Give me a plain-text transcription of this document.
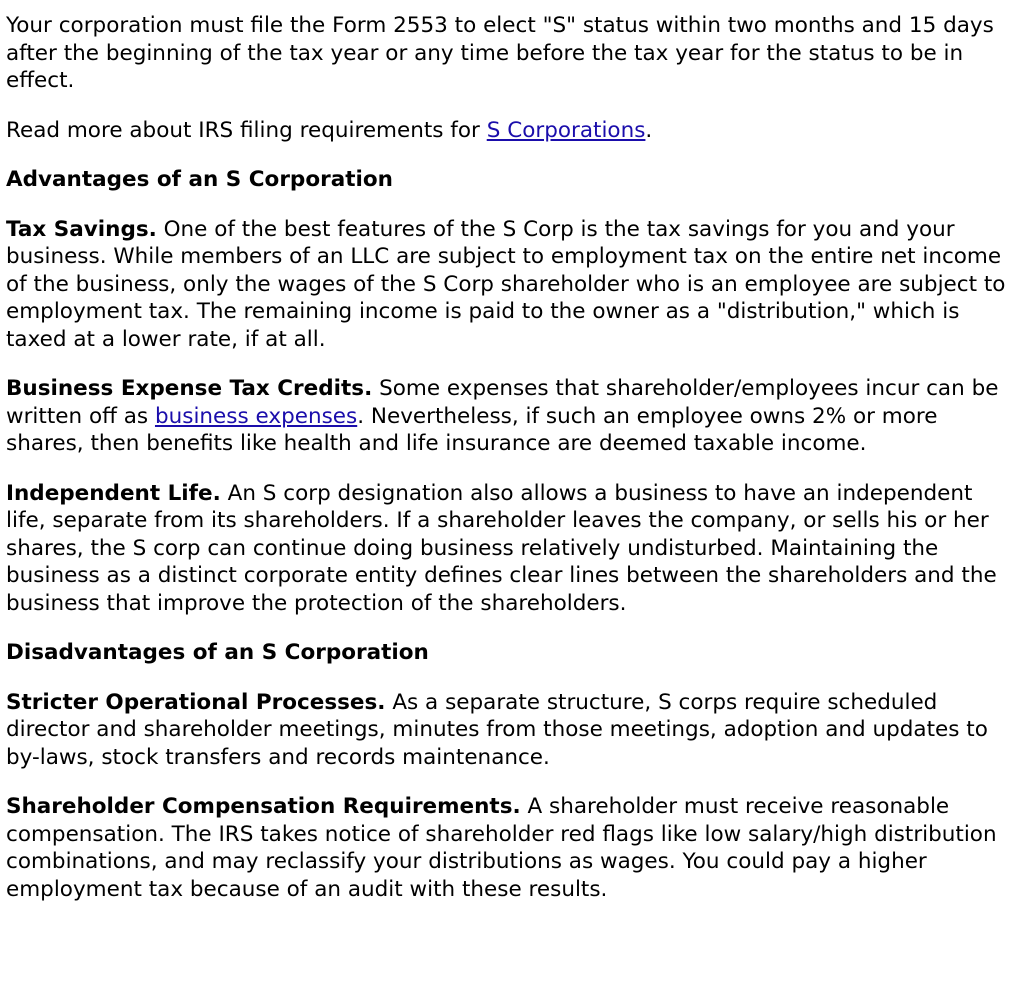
Your corporation must file the Form 2553 to elect "S" status within two months and 15 days after the beginning of the tax year or any time before the tax year for the status to be in effect.

Read more about IRS filing requirements for S Corporations.

Advantages of an S Corporation

Tax Savings. One of the best features of the S Corp is the tax savings for you and your business. While members of an LLC are subject to employment tax on the entire net income of the business, only the wages of the S Corp shareholder who is an employee are subject to employment tax. The remaining income is paid to the owner as a "distribution," which is taxed at a lower rate, if at all.

Business Expense Tax Credits. Some expenses that shareholder/employees incur can be written off as business expenses. Nevertheless, if such an employee owns 2% or more shares, then benefits like health and life insurance are deemed taxable income.

Independent Life. An S corp designation also allows a business to have an independent life, separate from its shareholders. If a shareholder leaves the company, or sells his or her shares, the S corp can continue doing business relatively undisturbed. Maintaining the business as a distinct corporate entity defines clear lines between the shareholders and the business that improve the protection of the shareholders.

Disadvantages of an S Corporation

Stricter Operational Processes. As a separate structure, S corps require scheduled director and shareholder meetings, minutes from those meetings, adoption and updates to by-laws, stock transfers and records maintenance.

Shareholder Compensation Requirements. A shareholder must receive reasonable compensation. The IRS takes notice of shareholder red flags like low salary/high distribution combinations, and may reclassify your distributions as wages. You could pay a higher employment tax because of an audit with these results.
